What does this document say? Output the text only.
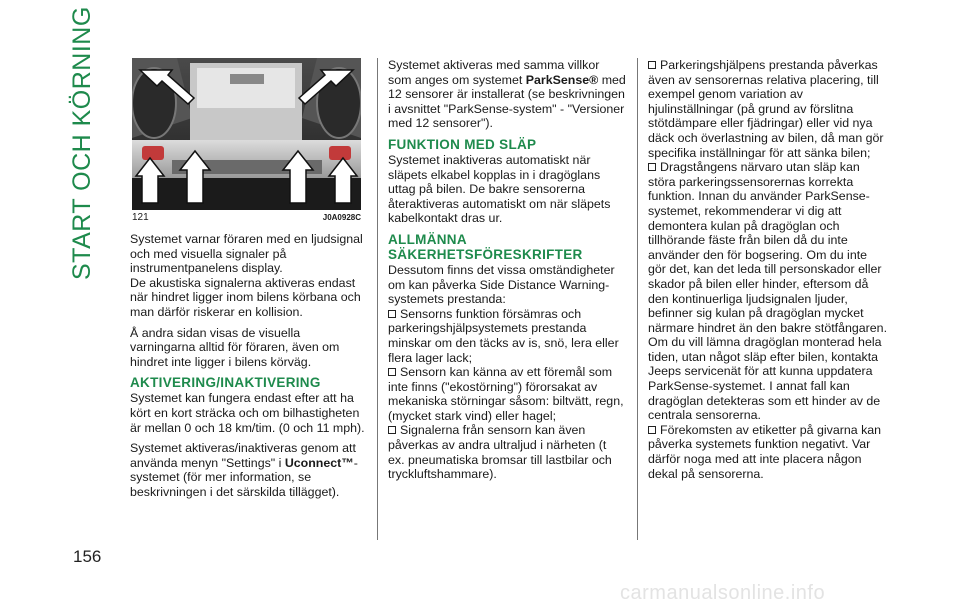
START OCH KÖRNING	121	J0A0928C

Systemet varnar föraren med en ljudsignal och med visuella signaler på instrumentpanelens display.

De akustiska signalerna aktiveras endast när hindret ligger inom bilens körbana och man därför riskerar en kollision.

Å andra sidan visas de visuella varningarna alltid för föraren, även om hindret inte ligger i bilens körväg.

AKTIVERING/INAKTIVERING

Systemet kan fungera endast efter att ha kört en kort sträcka och om bilhastigheten är mellan 0 och 18 km/tim. (0 och 11 mph).

Systemet aktiveras/inaktiveras genom att använda menyn "Settings" i Uconnect™-systemet (för mer information, se beskrivningen i det särskilda tillägget).

Systemet aktiveras med samma villkor som anges om systemet ParkSense® med 12 sensorer är installerat (se beskrivningen i avsnittet "ParkSense-system" - "Versioner med 12 sensorer").

FUNKTION MED SLÄP

Systemet inaktiveras automatiskt när släpets elkabel kopplas in i dragöglans uttag på bilen. De bakre sensorerna återaktiveras automatiskt om när släpets kabelkontakt dras ur.

ALLMÄNNA SÄKERHETSFÖRESKRIFTER

Dessutom finns det vissa omständigheter om kan påverka Side Distance Warning-systemets prestanda:

Sensorns funktion försämras och parkeringshjälpsystemets prestanda minskar om den täcks av is, snö, lera eller flera lager lack;

Sensorn kan känna av ett föremål som inte finns ("ekostörning") förorsakat av mekaniska störningar såsom: biltvätt, regn, (mycket stark vind) eller hagel;

Signalerna från sensorn kan även påverkas av andra ultraljud i närheten (t ex. pneumatiska bromsar till lastbilar och tryckluftshammare).

Parkeringshjälpens prestanda påverkas även av sensorernas relativa placering, till exempel genom variation av hjulinställningar (på grund av förslitna stötdämpare eller fjädringar) eller vid nya däck och överlastning av bilen, då man gör specifika inställningar för att sänka bilen;

Dragstångens närvaro utan släp kan störa parkeringssensorernas korrekta funktion. Innan du använder ParkSense-systemet, rekommenderar vi dig att demontera kulan på dragöglan och tillhörande fäste från bilen då du inte använder den för bogsering. Om du inte gör det, kan det leda till personskador eller skador på bilen eller hinder, eftersom då den kontinuerliga ljudsignalen ljuder, befinner sig kulan på dragöglan mycket närmare hindret än den bakre stötfångaren. Om du vill lämna dragöglan monterad hela tiden, utan något släp efter bilen, kontakta Jeeps servicenät för att kunna uppdatera ParkSense-systemet. I annat fall kan dragöglan detekteras som ett hinder av de centrala sensorerna.

Förekomsten av etiketter på givarna kan påverka systemets funktion negativt. Var därför noga med att inte placera någon dekal på sensorerna.

156
carmanualsonline.info
